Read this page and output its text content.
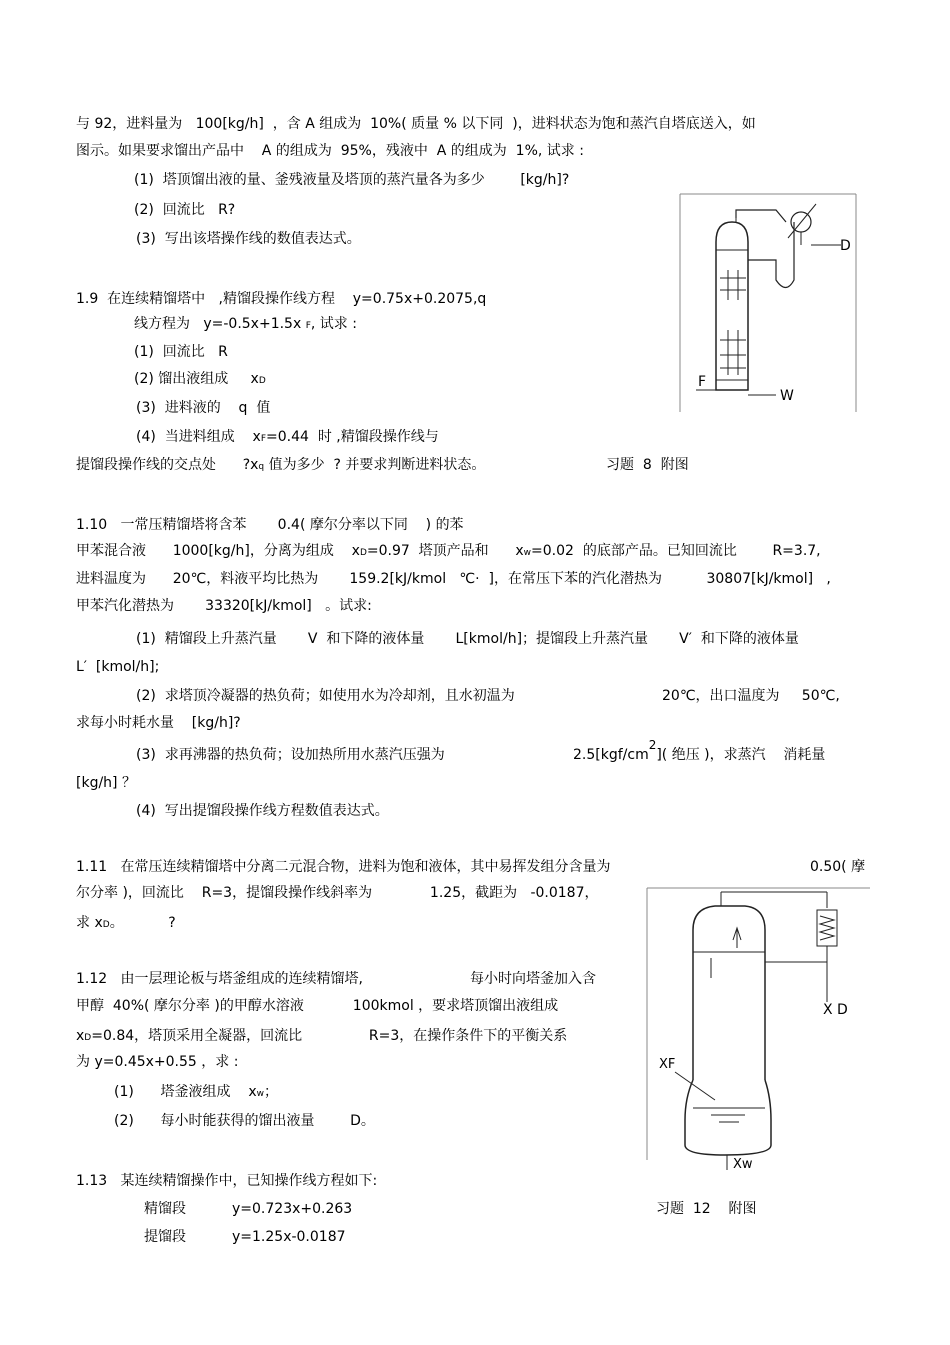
与 92，进料量为   100[kg/h]  ，含 A 组成为  10%( 质量 % 以下同  )，进料状态为饱和蒸汽自塔底送入，如
图示。如果要求馏出产品中    A 的组成为  95%，残液中  A 的组成为  1%, 试求 :
(1)  塔顶馏出液的量、釜残液量及塔顶的蒸汽量各为多少        [kg/h]?
(2)  回流比   R?
(3)  写出该塔操作线的数值表达式。	D
F
W
1.9  在连续精馏塔中   ,精馏段操作线方程    y=0.75x+0.2075,q
线方程为   y=-0.5x+1.5x F, 试求 :
(1)  回流比   R
(2) 馏出液组成     xD
(3)  进料液的    q  值
(4)  当进料组成    xF=0.44  时 ,精馏段操作线与
提馏段操作线的交点处      ?xq 值为多少  ? 并要求判断进料状态。	习题  8  附图
1.10   一常压精馏塔将含苯       0.4( 摩尔分率以下同    ) 的苯
甲苯混合液      1000[kg/h]，分离为组成    xD=0.97  塔顶产品和      xw=0.02  的底部产品。已知回流比        R=3.7,
进料温度为      20℃，料液平均比热为       159.2[kJ/kmol   ℃·  ]，在常压下苯的汽化潜热为          30807[kJ/kmol]   ,
甲苯汽化潜热为       33320[kJ/kmol]   。试求:
(1)  精馏段上升蒸汽量       V  和下降的液体量       L[kmol/h]；提馏段上升蒸汽量       V′  和下降的液体量
L′  [kmol/h];
(2)  求塔顶冷凝器的热负荷；如使用水为冷却剂，且水初温为	20℃，出口温度为     50℃,
求每小时耗水量    [kg/h]?
(3)  求再沸器的热负荷；设加热所用水蒸汽压强为	2.5[kgf/cm2]( 绝压 )，求蒸汽    消耗量
[kg/h] ？
(4)  写出提馏段操作线方程数值表达式。
1.11   在常压连续精馏塔中分离二元混合物，进料为饱和液体，其中易挥发组分含量为	0.50( 摩
尔分率 )，回流比    R=3，提馏段操作线斜率为             1.25，截距为   -0.0187，
求 xD。          ?
X D
XF
Xw
1.12   由一层理论板与塔釜组成的连续精馏塔,	每小时向塔釜加入含
甲醇  40%( 摩尔分率 )的甲醇水溶液           100kmol ，要求塔顶馏出液组成
xD=0.84，塔顶采用全凝器，回流比               R=3，在操作条件下的平衡关系
为 y=0.45x+0.55 ，求 :
(1)      塔釜液组成    xw；
(2)      每小时能获得的馏出液量        D。
1.13   某连续精馏操作中，已知操作线方程如下:
精馏段	y=0.723x+0.263	习题  12    附图
提馏段	y=1.25x-0.0187
